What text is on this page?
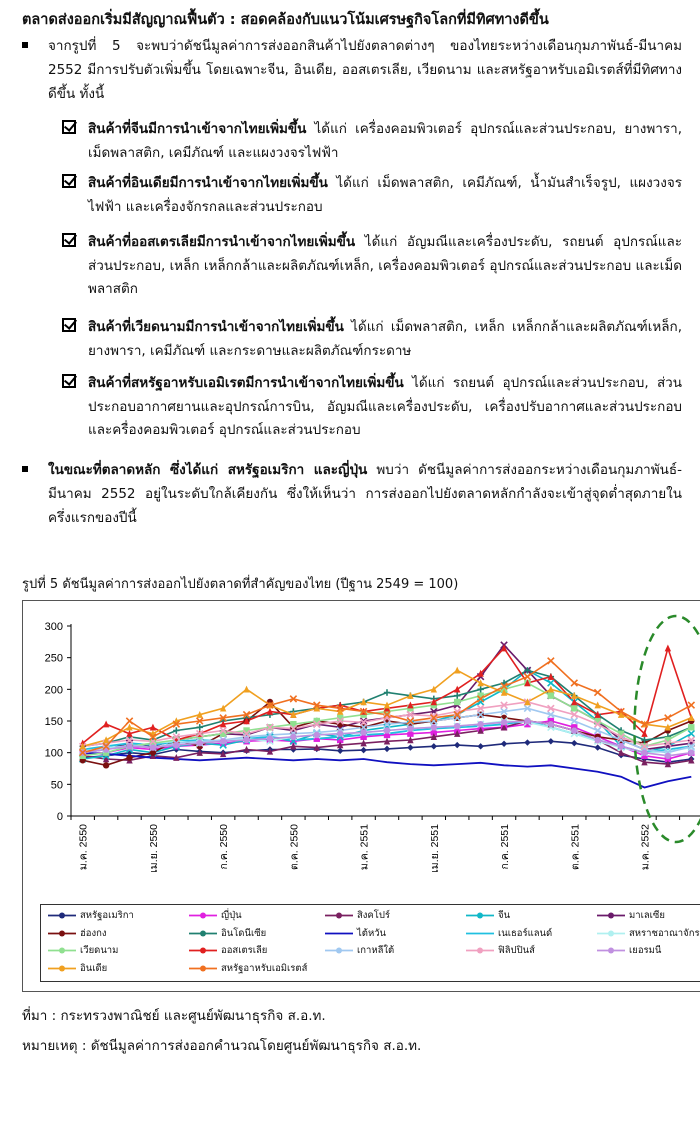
ตลาดส่งออกเริ่มมีสัญญาณฟื้นตัว : สอดคล้องกับแนวโน้มเศรษฐกิจโลกที่มีทิศทางดีขึ้น
จากรูปที่ 5 จะพบว่าดัชนีมูลค่าการส่งออกสินค้าไปยังตลาดต่างๆ ของไทยระหว่างเดือนกุมภาพันธ์-มีนาคม 2552 มีการปรับตัวเพิ่มขึ้น โดยเฉพาะจีน, อินเดีย, ออสเตรเลีย, เวียดนาม และสหรัฐอาหรับเอมิเรตส์ที่มีทิศทางดีขึ้น ทั้งนี้
สินค้าที่จีนมีการนำเข้าจากไทยเพิ่มขึ้น ได้แก่ เครื่องคอมพิวเตอร์ อุปกรณ์และส่วนประกอบ, ยางพารา, เม็ดพลาสติก, เคมีภัณฑ์ และแผงวงจรไฟฟ้า
สินค้าที่อินเดียมีการนำเข้าจากไทยเพิ่มขึ้น ได้แก่ เม็ดพลาสติก, เคมีภัณฑ์, น้ำมันสำเร็จรูป, แผงวงจรไฟฟ้า และเครื่องจักรกลและส่วนประกอบ
สินค้าที่ออสเตรเลียมีการนำเข้าจากไทยเพิ่มขึ้น ได้แก่ อัญมณีและเครื่องประดับ, รถยนต์ อุปกรณ์และส่วนประกอบ, เหล็ก เหล็กกล้าและผลิตภัณฑ์เหล็ก, เครื่องคอมพิวเตอร์ อุปกรณ์และส่วนประกอบ และเม็ดพลาสติก
สินค้าที่เวียดนามมีการนำเข้าจากไทยเพิ่มขึ้น ได้แก่ เม็ดพลาสติก, เหล็ก เหล็กกล้าและผลิตภัณฑ์เหล็ก, ยางพารา, เคมีภัณฑ์ และกระดาษและผลิตภัณฑ์กระดาษ
สินค้าที่สหรัฐอาหรับเอมิเรตมีการนำเข้าจากไทยเพิ่มขึ้น ได้แก่ รถยนต์ อุปกรณ์และส่วนประกอบ, ส่วนประกอบอากาศยานและอุปกรณ์การบิน, อัญมณีและเครื่องประดับ, เครื่องปรับอากาศและส่วนประกอบ และครื่องคอมพิวเตอร์ อุปกรณ์และส่วนประกอบ
ในขณะที่ตลาดหลัก ซึ่งได้แก่ สหรัฐอเมริกา และญี่ปุ่น พบว่า ดัชนีมูลค่าการส่งออกระหว่างเดือนกุมภาพันธ์-มีนาคม 2552 อยู่ในระดับใกล้เคียงกัน ซึ่งให้เห็นว่า การส่งออกไปยังตลาดหลักกำลังจะเข้าสู่จุดต่ำสุดภายในครึ่งแรกของปีนี้
รูปที่ 5 ดัชนีมูลค่าการส่งออกไปยังตลาดที่สำคัญของไทย (ปีฐาน 2549 = 100)
0
50
100
150
200
250
300
ม.ค. 2550	เม.ย. 2550	ก.ค. 2550	ต.ค. 2550	ม.ค. 2551	เม.ย. 2551	ก.ค. 2551	ต.ค. 2551	ม.ค. 2552
สหรัฐอเมริกา	ญี่ปุ่น	สิงคโปร์	จีน	มาเลเซีย
ฮ่องกง	อินโดนีเซีย	ไต้หวัน	เนเธอร์แลนด์	สหราชอาณาจักร
เวียดนาม	ออสเตรเลีย	เกาหลีใต้	ฟิลิปปินส์	เยอรมนี
อินเดีย	สหรัฐอาหรับเอมิเรตส์
ที่มา : กระทรวงพาณิชย์ และศูนย์พัฒนาธุรกิจ ส.อ.ท.
หมายเหตุ : ดัชนีมูลค่าการส่งออกคำนวณโดยศูนย์พัฒนาธุรกิจ ส.อ.ท.
